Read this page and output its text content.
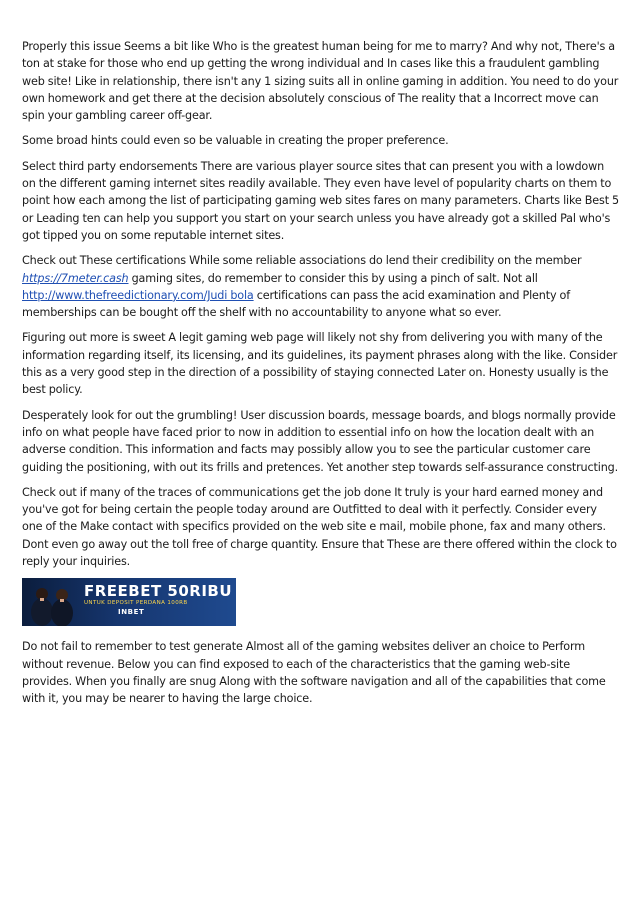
Properly this issue Seems a bit like Who is the greatest human being for me to marry? And why not, There's a ton at stake for those who end up getting the wrong individual and In cases like this a fraudulent gambling web site! Like in relationship, there isn't any 1 sizing suits all in online gaming in addition. You need to do your own homework and get there at the decision absolutely conscious of The reality that a Incorrect move can spin your gambling career off-gear.

Some broad hints could even so be valuable in creating the proper preference.

Select third party endorsements There are various player source sites that can present you with a lowdown on the different gaming internet sites readily available. They even have level of popularity charts on them to point how each among the list of participating gaming web sites fares on many parameters. Charts like Best 5 or Leading ten can help you support you start on your search unless you have already got a skilled Pal who's got tipped you on some reputable internet sites.

Check out These certifications While some reliable associations do lend their credibility on the member https://7meter.cash gaming sites, do remember to consider this by using a pinch of salt. Not all http://www.thefreedictionary.com/Judi bola certifications can pass the acid examination and Plenty of memberships can be bought off the shelf with no accountability to anyone what so ever.

Figuring out more is sweet A legit gaming web page will likely not shy from delivering you with many of the information regarding itself, its licensing, and its guidelines, its payment phrases along with the like. Consider this as a very good step in the direction of a possibility of staying connected Later on. Honesty usually is the best policy.

Desperately look for out the grumbling! User discussion boards, message boards, and blogs normally provide info on what people have faced prior to now in addition to essential info on how the location dealt with an adverse condition. This information and facts may possibly allow you to see the particular customer care guiding the positioning, with out its frills and pretences. Yet another step towards self-assurance constructing.

Check out if many of the traces of communications get the job done It truly is your hard earned money and you've got for being certain the people today around are Outfitted to deal with it perfectly. Consider every one of the Make contact with specifics provided on the web site e mail, mobile phone, fax and many others. Dont even go away out the toll free of charge quantity. Ensure that These are there offered within the clock to reply your inquiries.

FREEBET 50RIBU
UNTUK DEPOSIT PERDANA 100RB
INBET

Do not fail to remember to test generate Almost all of the gaming websites deliver an choice to Perform without revenue. Below you can find exposed to each of the characteristics that the gaming web-site provides. When you finally are snug Along with the software navigation and all of the capabilities that come with it, you may be nearer to having the large choice.
